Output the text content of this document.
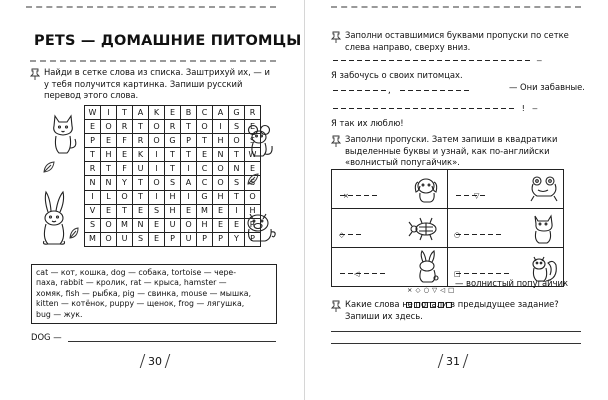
PETS — ДОМАШНИЕ ПИТОМЦЫ
Найди в сетке слова из списка. Заштрихуй их, — и у тебя получится картинка. Запиши русский перевод этого слова.
W	I	T	A	K	E	B	C	A	G	R
E	O	R	T	O	R	T	O	I	S	E
P	E	F	R	O	G	P	T	H	O	S
T	H	E	K	I	T	T	E	N	T	W
R	T	F	U	I	T	I	C	O	N	E
N	N	Y	T	O	S	A	C	O	S	S
I	L	O	T	I	H	I	G	H	T	O
V	E	T	E	S	H	E	M	E	I	H
S	O	M	N	E	U	O	H	E	E	R
M	O	U	S	E	P	U	P	P	Y	P
cat — кот, кошка, dog — собака, tortoise — чере-
паха, rabbit — кролик, rat — крыса, hamster —
хомяк, fish — рыбка, pig — свинка, mouse — мышка,
kitten — котёнок, puppy — щенок, frog — лягушка,
bug — жук.
DOG —
30
Заполни оставшимися буквами пропуски по сетке слева направо, сверху вниз.
—
Я забочусь о своих питомцах.
,	— Они забавные.
! —
Я так их люблю!
Заполни пропуски. Затем запиши в квадратики выделенные буквы и узнай, как по-английски «волнистый попугайчик».
×	▽

◇	○

◁	□
×◇○▽◁□
— волнистый попугайчик
Какие слова не попали в предыдущее задание? Запиши их здесь.
31
